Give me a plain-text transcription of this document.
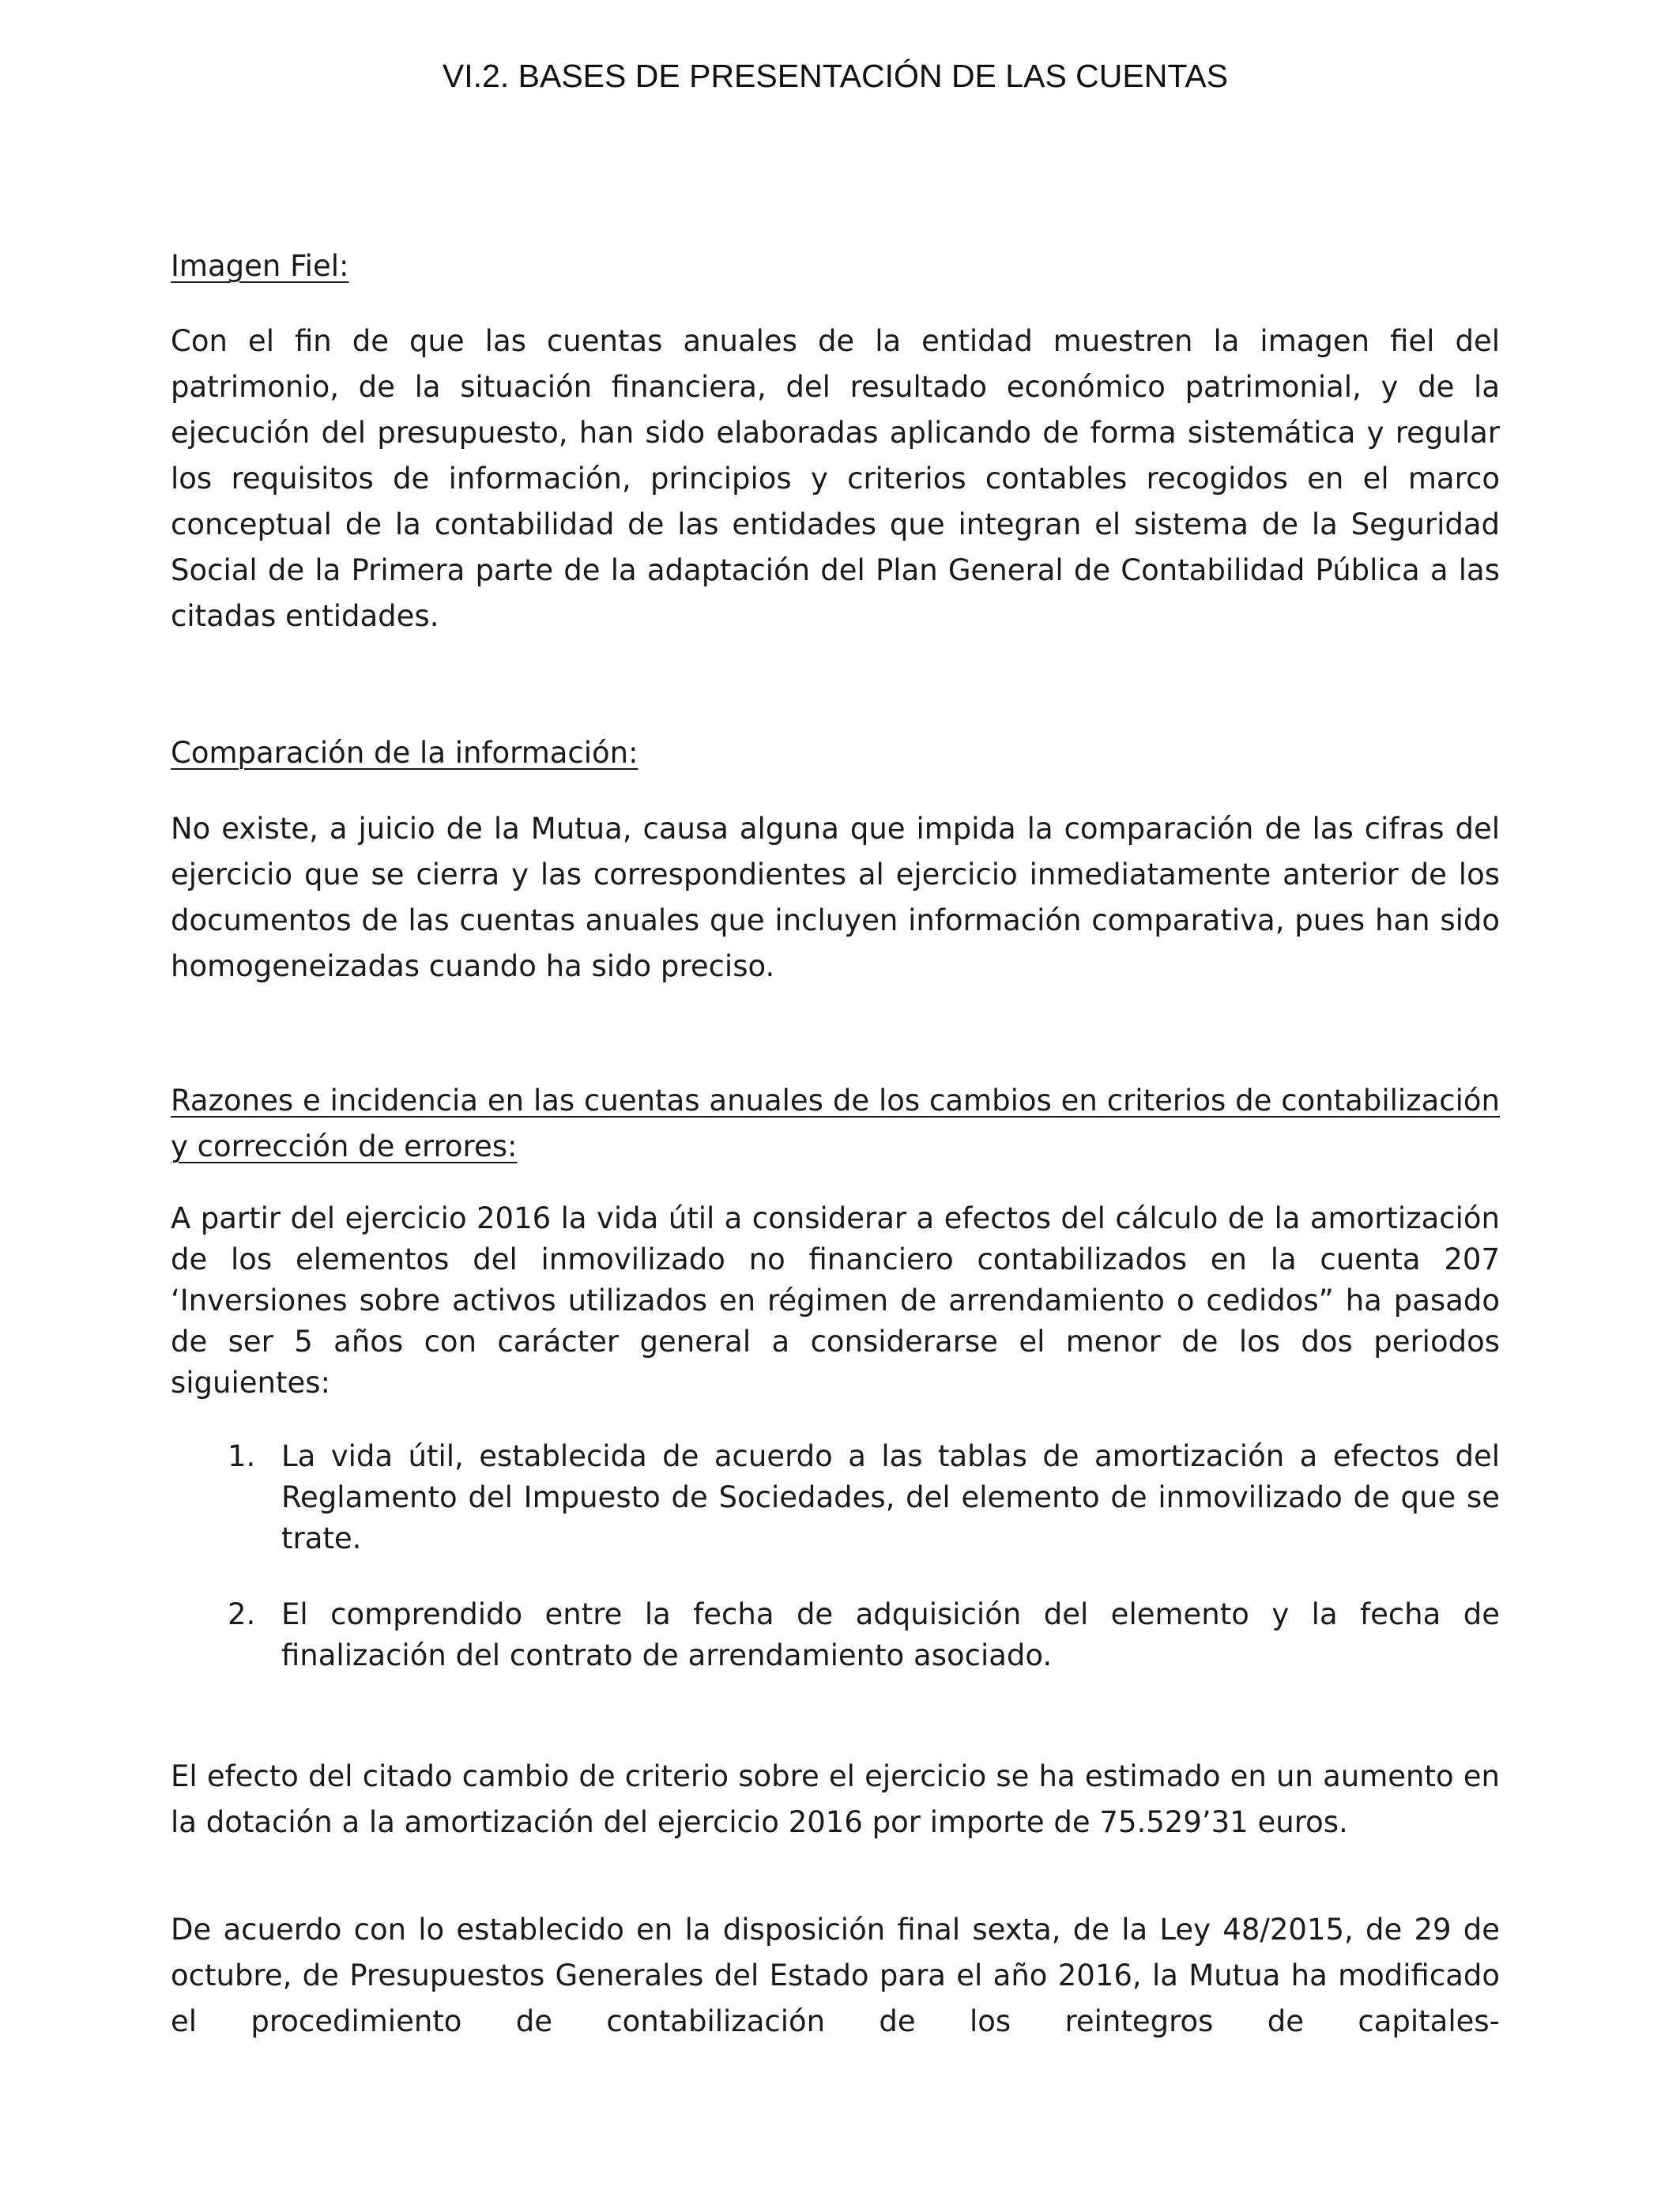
VI.2. BASES DE PRESENTACIÓN DE LAS CUENTAS
Imagen Fiel:

Con el fin de que las cuentas anuales de la entidad muestren la imagen fiel del patrimonio, de la situación financiera, del resultado económico patrimonial, y de la ejecución del presupuesto, han sido elaboradas aplicando de forma sistemática y regular los requisitos de información, principios y criterios contables recogidos en el marco conceptual de la contabilidad de las entidades que integran el sistema de la Seguridad Social de la Primera parte de la adaptación del Plan General de Contabilidad Pública a las citadas entidades.

Comparación de la información:

No existe, a juicio de la Mutua, causa alguna que impida la comparación de las cifras del ejercicio que se cierra y las correspondientes al ejercicio inmediatamente anterior de los documentos de las cuentas anuales que incluyen información comparativa, pues han sido homogeneizadas cuando ha sido preciso.

Razones e incidencia en las cuentas anuales de los cambios en criterios de contabilización y corrección de errores:

A partir del ejercicio 2016 la vida útil a considerar a efectos del cálculo de la amortización de los elementos del inmovilizado no financiero contabilizados en la cuenta 207 ‘Inversiones sobre activos utilizados en régimen de arrendamiento o cedidos” ha pasado de ser 5 años con carácter general a considerarse el menor de los dos periodos siguientes:

1. La vida útil, establecida de acuerdo a las tablas de amortización a efectos del Reglamento del Impuesto de Sociedades, del elemento de inmovilizado de que se trate.
2. El comprendido entre la fecha de adquisición del elemento y la fecha de finalización del contrato de arrendamiento asociado.

El efecto del citado cambio de criterio sobre el ejercicio se ha estimado en un aumento en la dotación a la amortización del ejercicio 2016 por importe de 75.529’31 euros.

De acuerdo con lo establecido en la disposición final sexta, de la Ley 48/2015, de 29 de octubre, de Presupuestos Generales del Estado para el año 2016, la Mutua ha modificado el procedimiento de contabilización de los reintegros de capitales-
